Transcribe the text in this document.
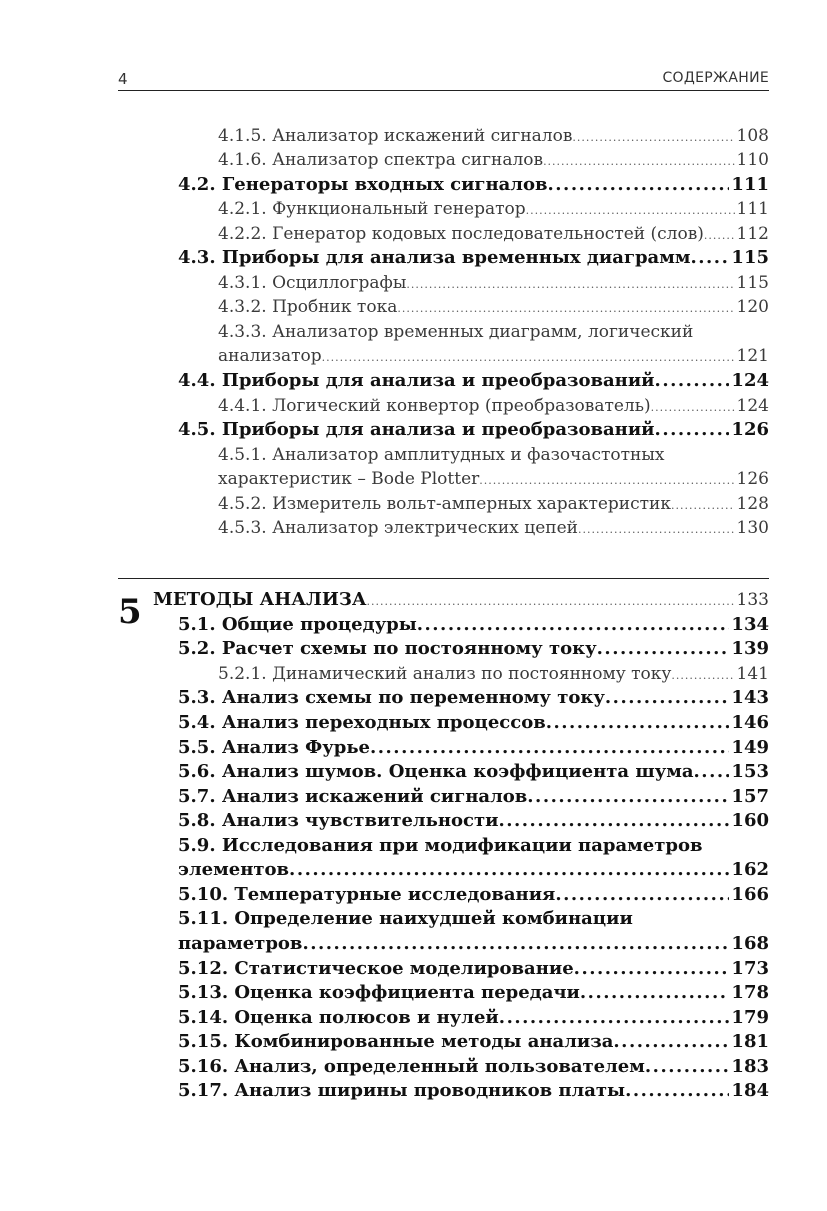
4	СОДЕРЖАНИЕ
4.1.5. Анализатор искажений сигналов .....	108
4.1.6. Анализатор спектра сигналов .....	110
4.2. Генераторы входных сигналов .....	111
4.2.1. Функциональный генератор .....	111
4.2.2. Генератор кодовых последовательностей (слов) ..... 112
4.3. Приборы для анализа временных диаграмм ..... 115
4.3.1. Осциллографы .....	115
4.3.2. Пробник тока .....	120
4.3.3. Анализатор временных диаграмм, логический
анализатор .....	121
4.4. Приборы для анализа и преобразований .....	124
4.4.1. Логический конвертор (преобразователь) .....	124
4.5. Приборы для анализа и преобразований .....	126
4.5.1. Анализатор амплитудных и фазочастотных
характеристик – Bode Plotter .....	126
4.5.2. Измеритель вольт-амперных характеристик .....	128
4.5.3. Анализатор электрических цепей .....	130
5 МЕТОДЫ АНАЛИЗА .....	133
5.1. Общие процедуры .....	134
5.2. Расчет схемы по постоянному току .....	139
5.2.1. Динамический анализ по постоянному току .....	141
5.3. Анализ схемы по переменному току .....	143
5.4. Анализ переходных процессов .....	146
5.5. Анализ Фурье .....	149
5.6. Анализ шумов. Оценка коэффициента шума ..... 153
5.7. Анализ искажений сигналов .....	157
5.8. Анализ чувствительности .....	160
5.9. Исследования при модификации параметров
элементов .....	162
5.10. Температурные исследования .....	166
5.11. Определение наихудшей комбинации
параметров .....	168
5.12. Статистическое моделирование .....	173
5.13. Оценка коэффициента передачи .....	178
5.14. Оценка полюсов и нулей .....	179
5.15. Комбинированные методы анализа .....	181
5.16. Анализ, определенный пользователем .....	183
5.17. Анализ ширины проводников платы .....	184
